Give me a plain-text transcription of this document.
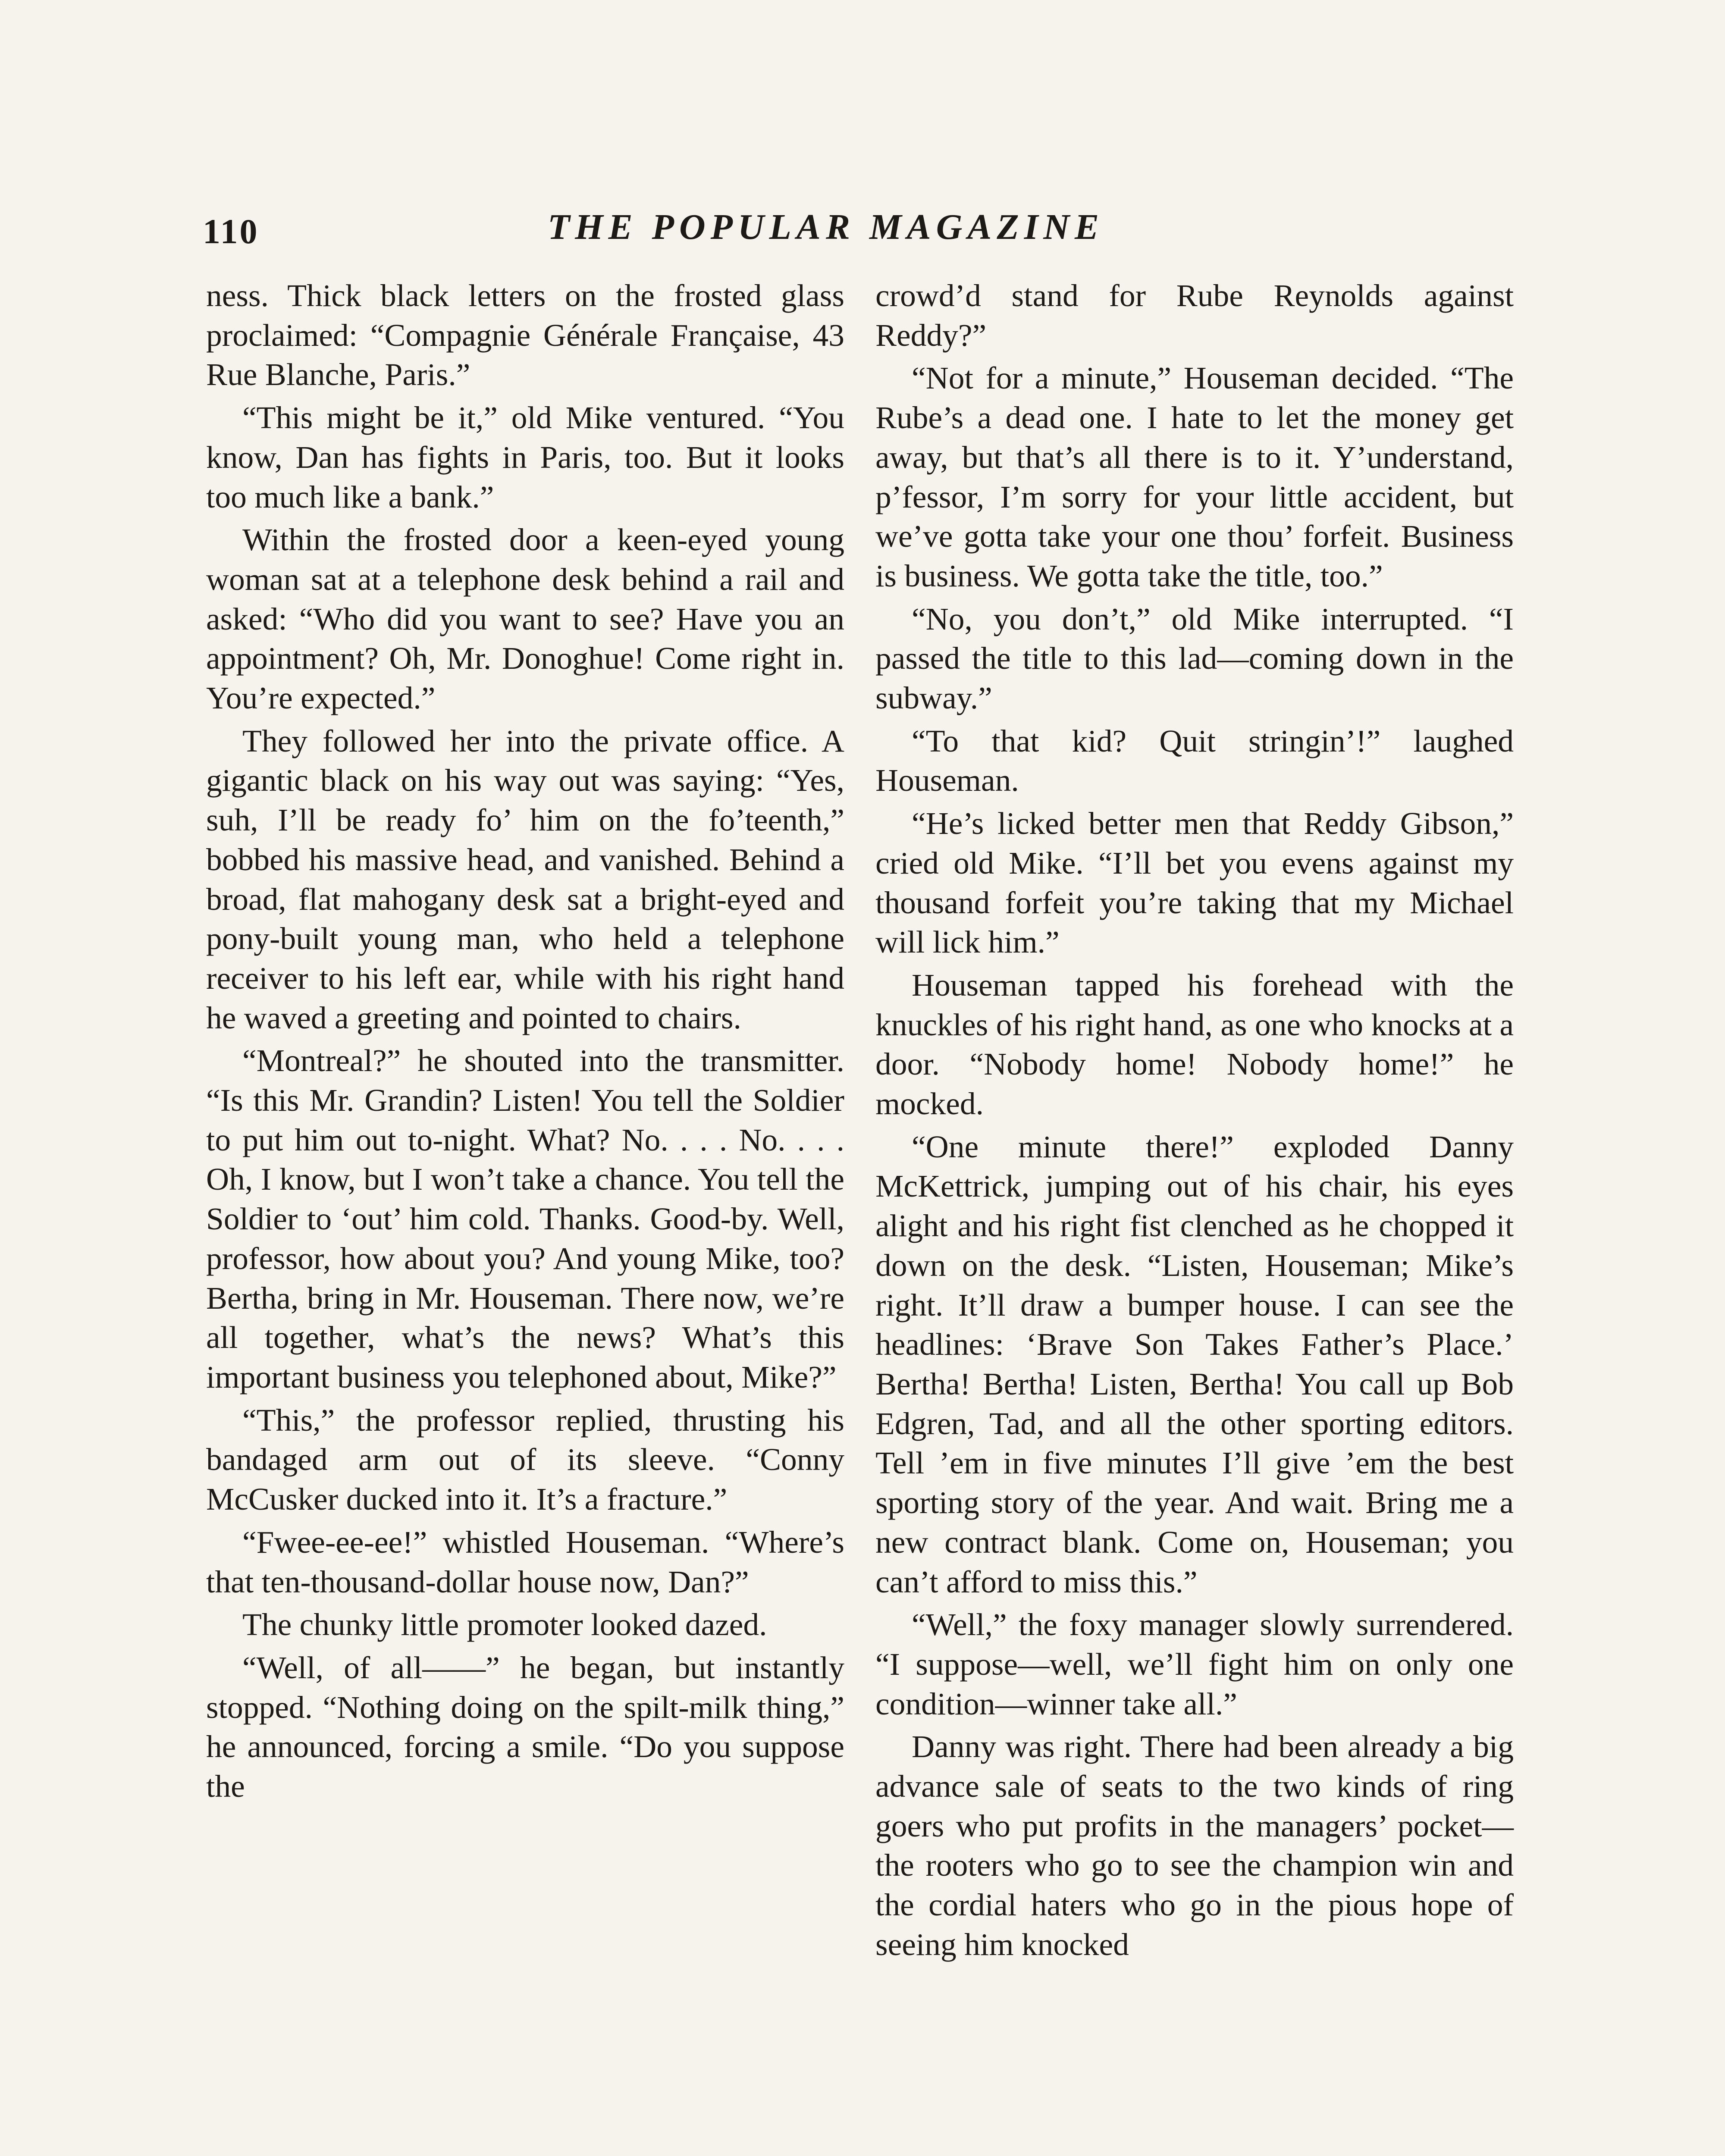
110	THE POPULAR MAGAZINE

ness. Thick black letters on the frosted glass proclaimed: “Compagnie Générale Française, 43 Rue Blanche, Paris.”

“This might be it,” old Mike ventured. “You know, Dan has fights in Paris, too. But it looks too much like a bank.”

Within the frosted door a keen-eyed young woman sat at a telephone desk behind a rail and asked: “Who did you want to see? Have you an appointment? Oh, Mr. Donoghue! Come right in. You’re expected.”

They followed her into the private office. A gigantic black on his way out was saying: “Yes, suh, I’ll be ready fo’ him on the fo’teenth,” bobbed his massive head, and vanished. Behind a broad, flat mahogany desk sat a bright-eyed and pony-built young man, who held a telephone receiver to his left ear, while with his right hand he waved a greeting and pointed to chairs.

“Montreal?” he shouted into the transmitter. “Is this Mr. Grandin? Listen! You tell the Soldier to put him out to-night. What? No. . . . No. . . . Oh, I know, but I won’t take a chance. You tell the Soldier to ‘out’ him cold. Thanks. Good-by. Well, professor, how about you? And young Mike, too? Bertha, bring in Mr. Houseman. There now, we’re all together, what’s the news? What’s this important business you telephoned about, Mike?”

“This,” the professor replied, thrusting his bandaged arm out of its sleeve. “Conny McCusker ducked into it. It’s a fracture.”

“Fwee-ee-ee!” whistled Houseman. “Where’s that ten-thousand-dollar house now, Dan?”

The chunky little promoter looked dazed.

“Well, of all——” he began, but instantly stopped. “Nothing doing on the spilt-milk thing,” he announced, forcing a smile. “Do you suppose the

crowd’d stand for Rube Reynolds against Reddy?”

“Not for a minute,” Houseman decided. “The Rube’s a dead one. I hate to let the money get away, but that’s all there is to it. Y’understand, p’fessor, I’m sorry for your little accident, but we’ve gotta take your one thou’ forfeit. Business is business. We gotta take the title, too.”

“No, you don’t,” old Mike interrupted. “I passed the title to this lad—coming down in the subway.”

“To that kid? Quit stringin’!” laughed Houseman.

“He’s licked better men that Reddy Gibson,” cried old Mike. “I’ll bet you evens against my thousand forfeit you’re taking that my Michael will lick him.”

Houseman tapped his forehead with the knuckles of his right hand, as one who knocks at a door. “Nobody home! Nobody home!” he mocked.

“One minute there!” exploded Danny McKettrick, jumping out of his chair, his eyes alight and his right fist clenched as he chopped it down on the desk. “Listen, Houseman; Mike’s right. It’ll draw a bumper house. I can see the headlines: ‘Brave Son Takes Father’s Place.’ Bertha! Bertha! Listen, Bertha! You call up Bob Edgren, Tad, and all the other sporting editors. Tell ’em in five minutes I’ll give ’em the best sporting story of the year. And wait. Bring me a new contract blank. Come on, Houseman; you can’t afford to miss this.”

“Well,” the foxy manager slowly surrendered. “I suppose—well, we’ll fight him on only one condition—winner take all.”

Danny was right. There had been already a big advance sale of seats to the two kinds of ring goers who put profits in the managers’ pocket—the rooters who go to see the champion win and the cordial haters who go in the pious hope of seeing him knocked
